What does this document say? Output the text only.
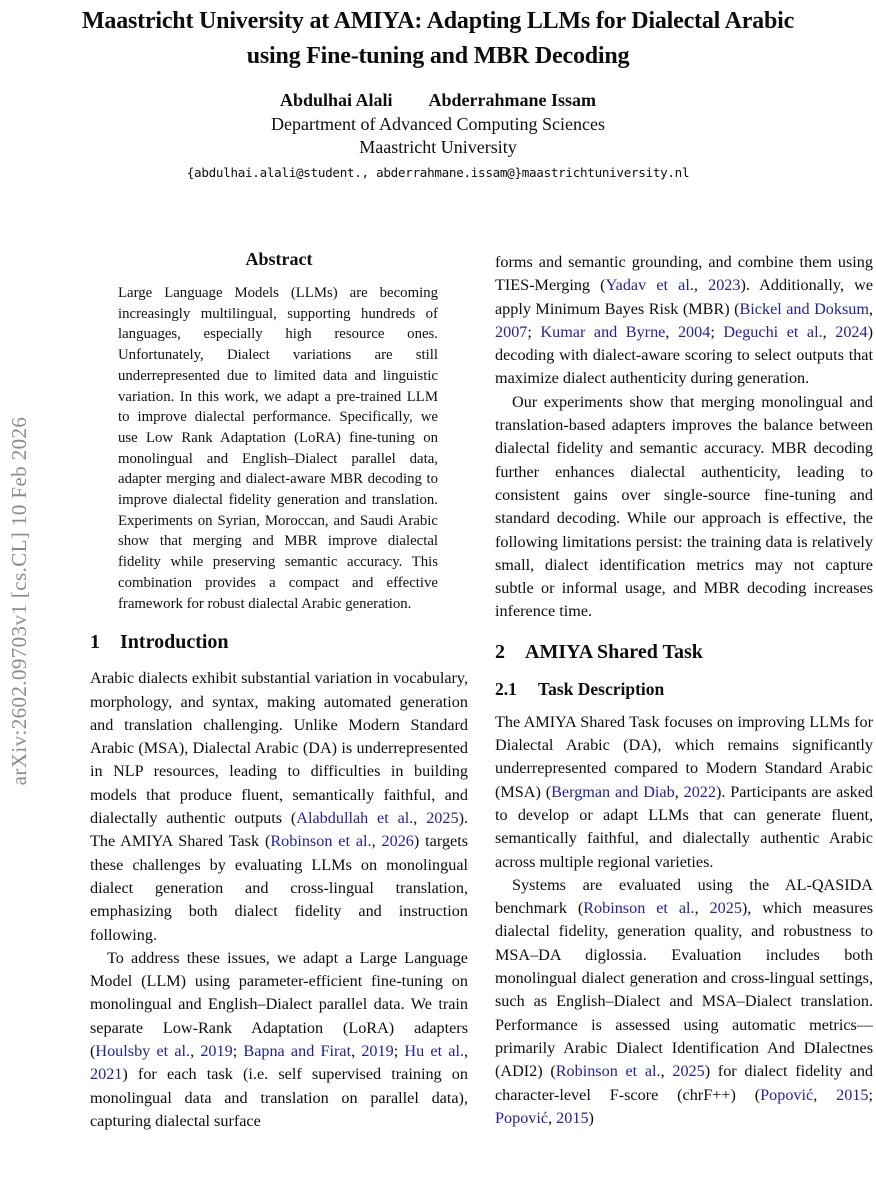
arXiv:2602.09703v1 [cs.CL] 10 Feb 2026
Maastricht University at AMIYA: Adapting LLMs for Dialectal Arabic
using Fine-tuning and MBR Decoding
Abdulhai Alali Abderrahmane Issam
Department of Advanced Computing Sciences
Maastricht University
{abdulhai.alali@student., abderrahmane.issam@}maastrichtuniversity.nl
Abstract

Large Language Models (LLMs) are becoming increasingly multilingual, supporting hundreds of languages, especially high resource ones. Unfortunately, Dialect variations are still underrepresented due to limited data and linguistic variation. In this work, we adapt a pre-trained LLM to improve dialectal performance. Specifically, we use Low Rank Adaptation (LoRA) fine-tuning on monolingual and English–Dialect parallel data, adapter merging and dialect-aware MBR decoding to improve dialectal fidelity generation and translation. Experiments on Syrian, Moroccan, and Saudi Arabic show that merging and MBR improve dialectal fidelity while preserving semantic accuracy. This combination provides a compact and effective framework for robust dialectal Arabic generation.

1 Introduction

Arabic dialects exhibit substantial variation in vocabulary, morphology, and syntax, making automated generation and translation challenging. Unlike Modern Standard Arabic (MSA), Dialectal Arabic (DA) is underrepresented in NLP resources, leading to difficulties in building models that produce fluent, semantically faithful, and dialectally authentic outputs (Alabdullah et al., 2025). The AMIYA Shared Task (Robinson et al., 2026) targets these challenges by evaluating LLMs on monolingual dialect generation and cross-lingual translation, emphasizing both dialect fidelity and instruction following.

To address these issues, we adapt a Large Language Model (LLM) using parameter-efficient fine-tuning on monolingual and English–Dialect parallel data. We train separate Low-Rank Adaptation (LoRA) adapters (Houlsby et al., 2019; Bapna and Firat, 2019; Hu et al., 2021) for each task (i.e. self supervised training on monolingual data and translation on parallel data), capturing dialectal surface

forms and semantic grounding, and combine them using TIES-Merging (Yadav et al., 2023). Additionally, we apply Minimum Bayes Risk (MBR) (Bickel and Doksum, 2007; Kumar and Byrne, 2004; Deguchi et al., 2024) decoding with dialect-aware scoring to select outputs that maximize dialect authenticity during generation.

Our experiments show that merging monolingual and translation-based adapters improves the balance between dialectal fidelity and semantic accuracy. MBR decoding further enhances dialectal authenticity, leading to consistent gains over single-source fine-tuning and standard decoding. While our approach is effective, the following limitations persist: the training data is relatively small, dialect identification metrics may not capture subtle or informal usage, and MBR decoding increases inference time.

2 AMIYA Shared Task
2.1 Task Description

The AMIYA Shared Task focuses on improving LLMs for Dialectal Arabic (DA), which remains significantly underrepresented compared to Modern Standard Arabic (MSA) (Bergman and Diab, 2022). Participants are asked to develop or adapt LLMs that can generate fluent, semantically faithful, and dialectally authentic Arabic across multiple regional varieties.

Systems are evaluated using the AL-QASIDA benchmark (Robinson et al., 2025), which measures dialectal fidelity, generation quality, and robustness to MSA–DA diglossia. Evaluation includes both monolingual dialect generation and cross-lingual settings, such as English–Dialect and MSA–Dialect translation. Performance is assessed using automatic metrics—primarily Arabic Dialect Identification And DIalectnes (ADI2) (Robinson et al., 2025) for dialect fidelity and character-level F-score (chrF++) (Popović, 2015; Popović, 2015)
